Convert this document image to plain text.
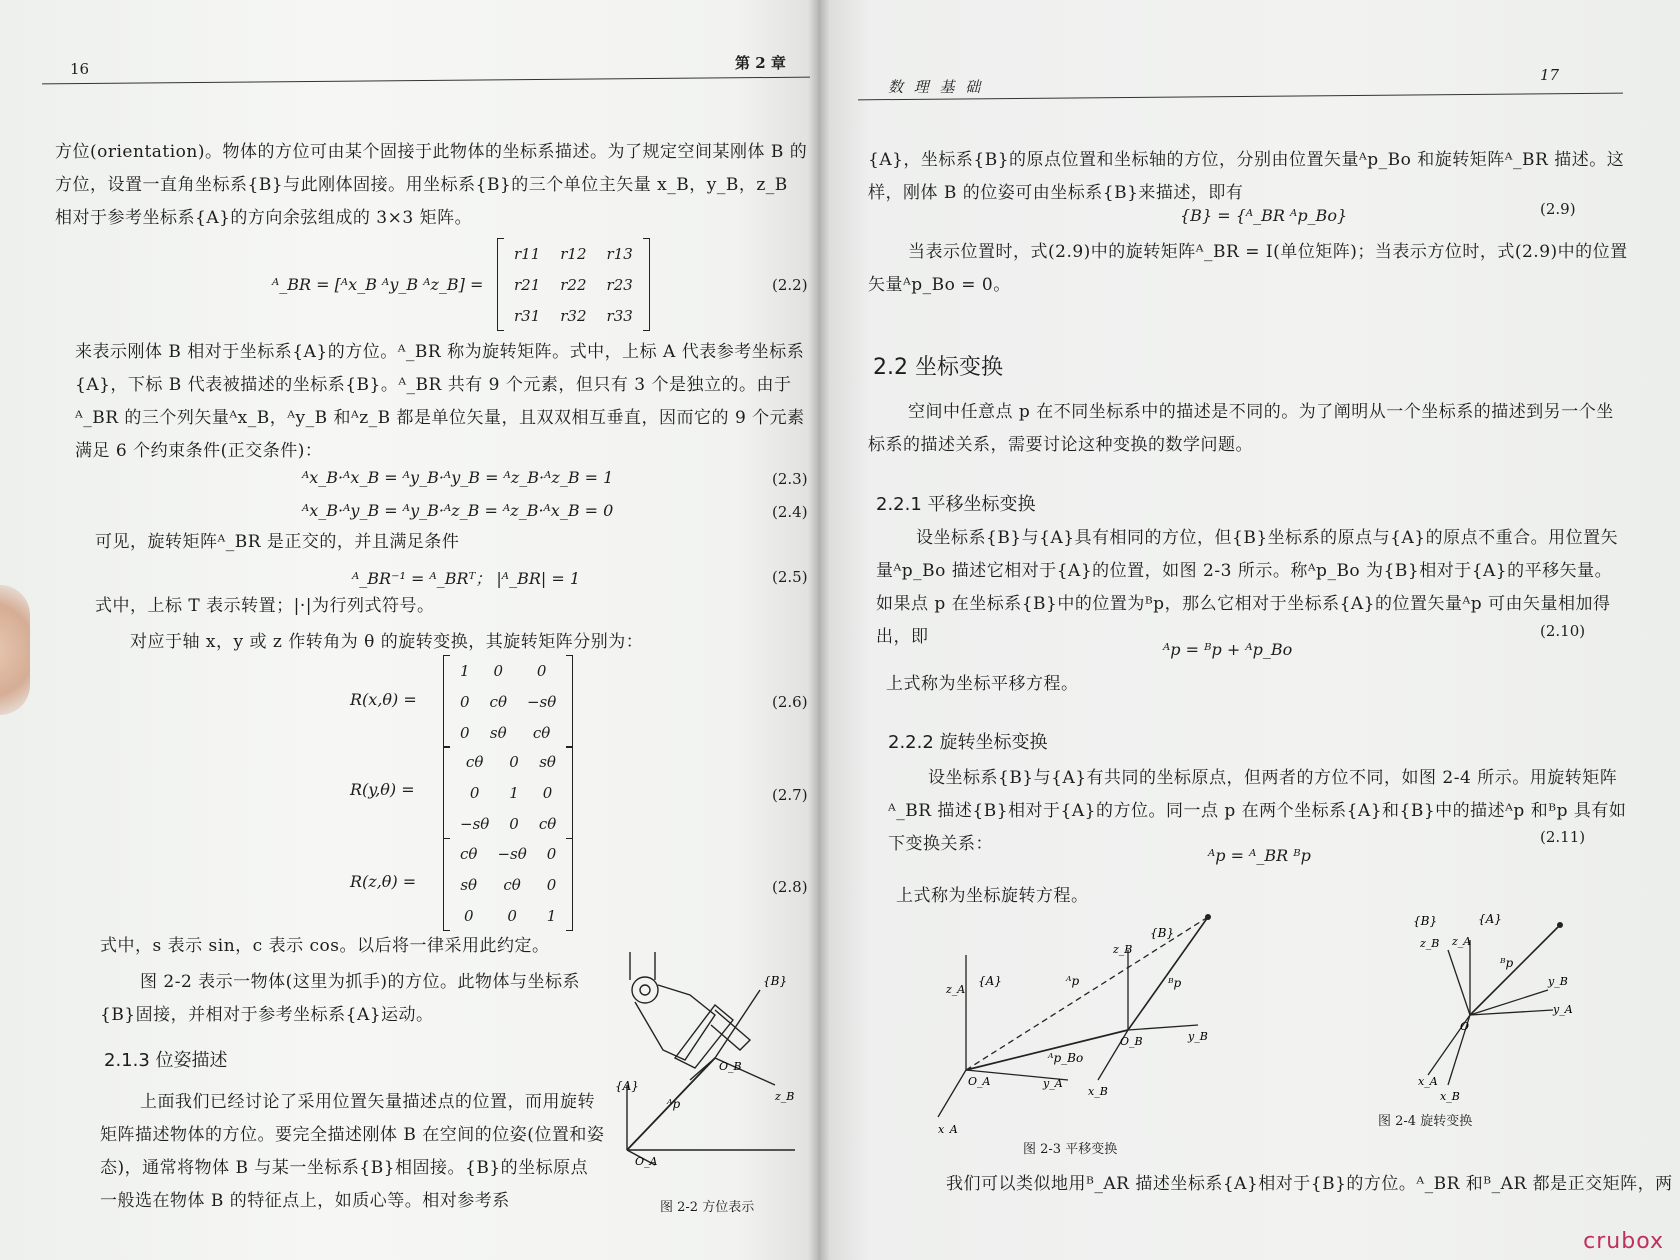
16	第 2 章
方位(orientation)。物体的方位可由某个固接于此物体的坐标系描述。为了规定空间某刚体 B 的方位，设置一直角坐标系{B}与此刚体固接。用坐标系{B}的三个单位主矢量 x_B，y_B，z_B 相对于参考坐标系{A}的方向余弦组成的 3×3 矩阵。
ᴬ_BR = [ᴬx_B ᴬy_B ᴬz_B] =
r11	r12	r13
r21	r22	r23
r31	r32	r33
(2.2)
来表示刚体 B 相对于坐标系{A}的方位。ᴬ_BR 称为旋转矩阵。式中，上标 A 代表参考坐标系{A}，下标 B 代表被描述的坐标系{B}。ᴬ_BR 共有 9 个元素，但只有 3 个是独立的。由于ᴬ_BR 的三个列矢量ᴬx_B，ᴬy_B 和ᴬz_B 都是单位矢量，且双双相互垂直，因而它的 9 个元素满足 6 个约束条件(正交条件)：
ᴬx_B·ᴬx_B = ᴬy_B·ᴬy_B = ᴬz_B·ᴬz_B = 1	(2.3)
ᴬx_B·ᴬy_B = ᴬy_B·ᴬz_B = ᴬz_B·ᴬx_B = 0	(2.4)
可见，旋转矩阵ᴬ_BR 是正交的，并且满足条件
ᴬ_BR⁻¹ = ᴬ_BRᵀ； |ᴬ_BR| = 1	(2.5)
式中，上标 T 表示转置；|·|为行列式符号。
对应于轴 x，y 或 z 作转角为 θ 的旋转变换，其旋转矩阵分别为：
R(x,θ) =
1	0	0
0	cθ	−sθ
0	sθ	cθ
(2.6)
R(y,θ) =
cθ	0	sθ
0	1	0
−sθ	0	cθ
(2.7)
R(z,θ) =
cθ	−sθ	0
sθ	cθ	0
0	0	1
(2.8)
式中，s 表示 sin，c 表示 cos。以后将一律采用此约定。
图 2-2 表示一物体(这里为抓手)的方位。此物体与坐标系{B}固接，并相对于参考坐标系{A}运动。
2.1.3 位姿描述
上面我们已经讨论了采用位置矢量描述点的位置，而用旋转矩阵描述物体的方位。要完全描述刚体 B 在空间的位姿(位置和姿态)，通常将物体 B 与某一坐标系{B}相固接。{B}的坐标原点一般选在物体 B 的特征点上，如质心等。相对参考系
{B}
{A}
O_B
O_A
z_B
ᴬp
图 2-2 方位表示
数 理 基 础
17
{A}，坐标系{B}的原点位置和坐标轴的方位，分别由位置矢量ᴬp_Bo 和旋转矩阵ᴬ_BR 描述。这样，刚体 B 的位姿可由坐标系{B}来描述，即有
{B} = {ᴬ_BR ᴬp_Bo}	(2.9)
当表示位置时，式(2.9)中的旋转矩阵ᴬ_BR = I(单位矩阵)；当表示方位时，式(2.9)中的位置矢量ᴬp_Bo = 0。
2.2 坐标变换
空间中任意点 p 在不同坐标系中的描述是不同的。为了阐明从一个坐标系的描述到另一个坐标系的描述关系，需要讨论这种变换的数学问题。
2.2.1 平移坐标变换
设坐标系{B}与{A}具有相同的方位，但{B}坐标系的原点与{A}的原点不重合。用位置矢量ᴬp_Bo 描述它相对于{A}的位置，如图 2-3 所示。称ᴬp_Bo 为{B}相对于{A}的平移矢量。如果点 p 在坐标系{B}中的位置为ᴮp，那么它相对于坐标系{A}的位置矢量ᴬp 可由矢量相加得出，即
ᴬp = ᴮp + ᴬp_Bo
(2.10)
上式称为坐标平移方程。
2.2.2 旋转坐标变换
设坐标系{B}与{A}有共同的坐标原点，但两者的方位不同，如图 2-4 所示。用旋转矩阵ᴬ_BR 描述{B}相对于{A}的方位。同一点 p 在两个坐标系{A}和{B}中的描述ᴬp 和ᴮp 具有如下变换关系：	(2.11)
ᴬp = ᴬ_BR ᴮp
上式称为坐标旋转方程。
{B}
{A}
z_A
z_B
y_A
y_B
x_A
x_B
O_A
O_B
ᴬp	ᴮp
ᴬp_Bo
图 2-3 平移变换
{B}	{A}
z_B z_A
y_B
y_A
x_A
x_B
O
ᴮp
图 2-4 旋转变换
我们可以类似地用ᴮ_AR 描述坐标系{A}相对于{B}的方位。ᴬ_BR 和ᴮ_AR 都是正交矩阵，两
crubox
